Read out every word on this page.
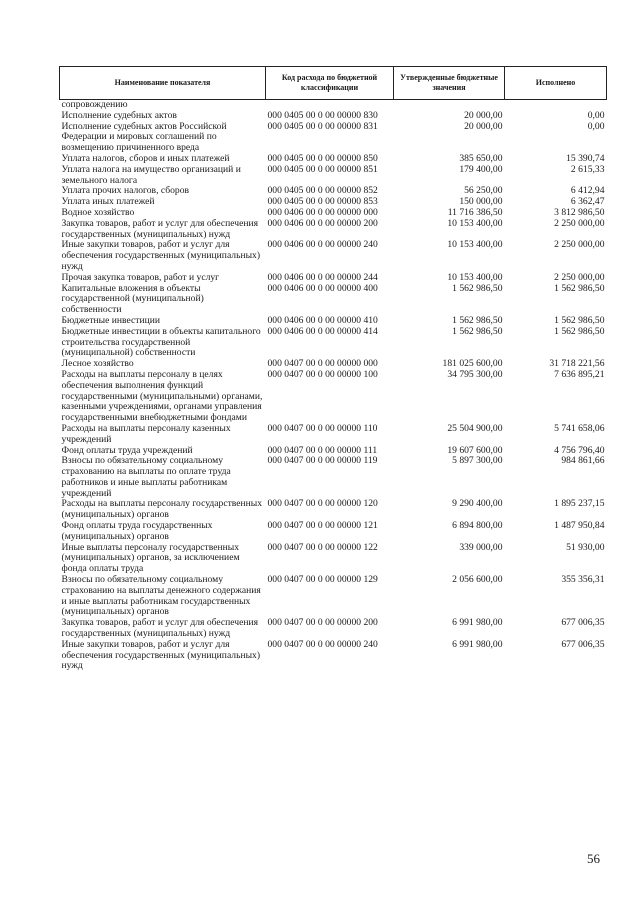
Наименование показателя	Код расхода по бюджетной классификации	Утвержденные бюджетные значения	Исполнено
сопровождению			
Исполнение судебных актов	000 0405 00 0 00 00000 830	20 000,00	0,00
Исполнение судебных актов Российской Федерации и мировых соглашений по возмещению причиненного вреда	000 0405 00 0 00 00000 831	20 000,00	0,00
Уплата налогов, сборов и иных платежей	000 0405 00 0 00 00000 850	385 650,00	15 390,74
Уплата налога на имущество организаций и земельного налога	000 0405 00 0 00 00000 851	179 400,00	2 615,33
Уплата прочих налогов, сборов	000 0405 00 0 00 00000 852	56 250,00	6 412,94
Уплата иных платежей	000 0405 00 0 00 00000 853	150 000,00	6 362,47
Водное хозяйство	000 0406 00 0 00 00000 000	11 716 386,50	3 812 986,50
Закупка товаров, работ и услуг для обеспечения государственных (муниципальных) нужд	000 0406 00 0 00 00000 200	10 153 400,00	2 250 000,00
Иные закупки товаров, работ и услуг для обеспечения государственных (муниципальных) нужд	000 0406 00 0 00 00000 240	10 153 400,00	2 250 000,00
Прочая закупка товаров, работ и услуг	000 0406 00 0 00 00000 244	10 153 400,00	2 250 000,00
Капитальные вложения в объекты государственной (муниципальной) собственности	000 0406 00 0 00 00000 400	1 562 986,50	1 562 986,50
Бюджетные инвестиции	000 0406 00 0 00 00000 410	1 562 986,50	1 562 986,50
Бюджетные инвестиции в объекты капитального строительства государственной (муниципальной) собственности	000 0406 00 0 00 00000 414	1 562 986,50	1 562 986,50
Лесное хозяйство	000 0407 00 0 00 00000 000	181 025 600,00	31 718 221,56
Расходы на выплаты персоналу в целях обеспечения выполнения функций государственными (муниципальными) органами, казенными учреждениями, органами управления государственными внебюджетными фондами	000 0407 00 0 00 00000 100	34 795 300,00	7 636 895,21
Расходы на выплаты персоналу казенных учреждений	000 0407 00 0 00 00000 110	25 504 900,00	5 741 658,06
Фонд оплаты труда учреждений	000 0407 00 0 00 00000 111	19 607 600,00	4 756 796,40
Взносы по обязательному социальному страхованию на выплаты по оплате труда работников и иные выплаты работникам учреждений	000 0407 00 0 00 00000 119	5 897 300,00	984 861,66
Расходы на выплаты персоналу государственных (муниципальных) органов	000 0407 00 0 00 00000 120	9 290 400,00	1 895 237,15
Фонд оплаты труда государственных (муниципальных) органов	000 0407 00 0 00 00000 121	6 894 800,00	1 487 950,84
Иные выплаты персоналу государственных (муниципальных) органов, за исключением фонда оплаты труда	000 0407 00 0 00 00000 122	339 000,00	51 930,00
Взносы по обязательному социальному страхованию на выплаты денежного содержания и иные выплаты работникам государственных (муниципальных) органов	000 0407 00 0 00 00000 129	2 056 600,00	355 356,31
Закупка товаров, работ и услуг для обеспечения государственных (муниципальных) нужд	000 0407 00 0 00 00000 200	6 991 980,00	677 006,35
Иные закупки товаров, работ и услуг для обеспечения государственных (муниципальных) нужд	000 0407 00 0 00 00000 240	6 991 980,00	677 006,35
56
